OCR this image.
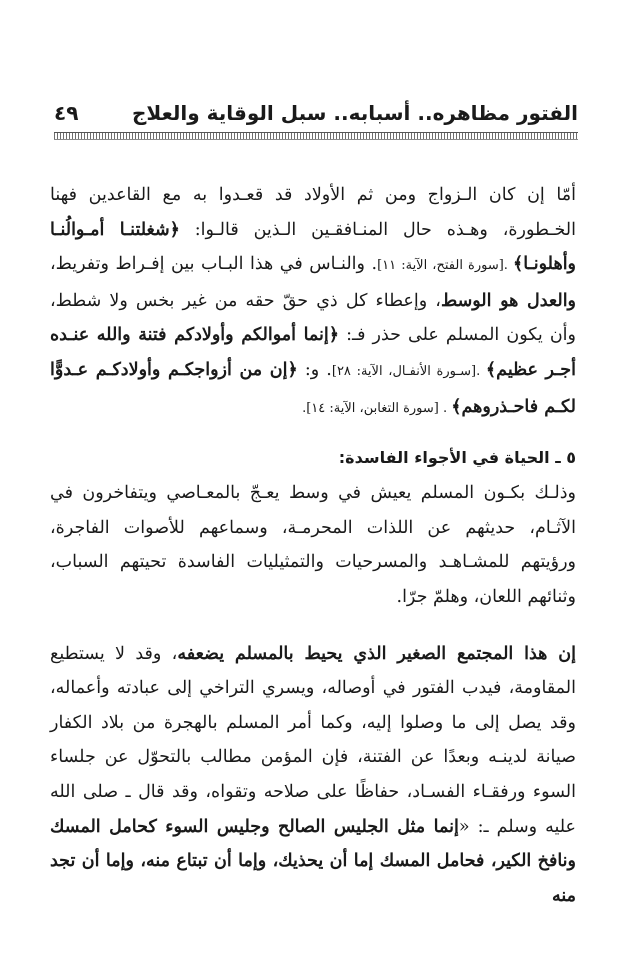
الفتور مظاهره.. أسبابه.. سبل الوقاية والعلاج
٤٩

أمّا إن كان الـزواج ومن ثم الأولاد قد قعـدوا به مع القاعدين فهنا الخـطورة، وهـذه حال المنـافقـين الـذين قالـوا: ﴿شغلتنـا أمـوالُنـا وأهلونـا﴾ .[سورة الفتح، الآية: ١١]. والنـاس في هذا البـاب بين إفـراط وتفريط، والعدل هو الوسط، وإعطاء كل ذي حقّ حقه من غير بخس ولا شطط، وأن يكون المسلم على حذر فـ: ﴿إنما أموالكم وأولادكم فتنة والله عنـده أجـر عظيم﴾ .[سـورة الأنفـال، الآية: ٢٨]. و: ﴿إن من أزواجكـم وأولادكـم عـدوًّا لكـم فاحـذروهم﴾ . [سورة التغابن، الآية: ١٤].

٥ ـ الحياة في الأجواء الفاسدة:

وذلـك بكـون المسلم يعيش في وسط يعـجّ بالمعـاصي ويتفاخرون في الآثـام، حديثهم عن اللذات المحرمـة، وسماعهم للأصوات الفاجرة، ورؤيتهم للمشـاهـد والمسرحيات والتمثيليات الفاسدة تحيتهم السباب، وثنائهم اللعان، وهلمّ جرّا.

إن هذا المجتمع الصغير الذي يحيط بالمسلم يضعفه، وقد لا يستطيع المقاومة، فيدب الفتور في أوصاله، ويسري التراخي إلى عبادته وأعماله، وقد يصل إلى ما وصلوا إليه، وكما أمر المسلم بالهجرة من بلاد الكفار صيانة لدينـه وبعدًا عن الفتنة، فإن المؤمن مطالب بالتحوّل عن جلساء السوء ورفقـاء الفسـاد، حفاظًا على صلاحه وتقواه، وقد قال ـ صلى الله عليه وسلم ـ: «إنما مثل الجليس الصالح وجليس السوء كحامل المسك ونافخ الكير، فحامل المسك إما أن يحذيك، وإما أن تبتاع منه، وإما أن تجد منه
